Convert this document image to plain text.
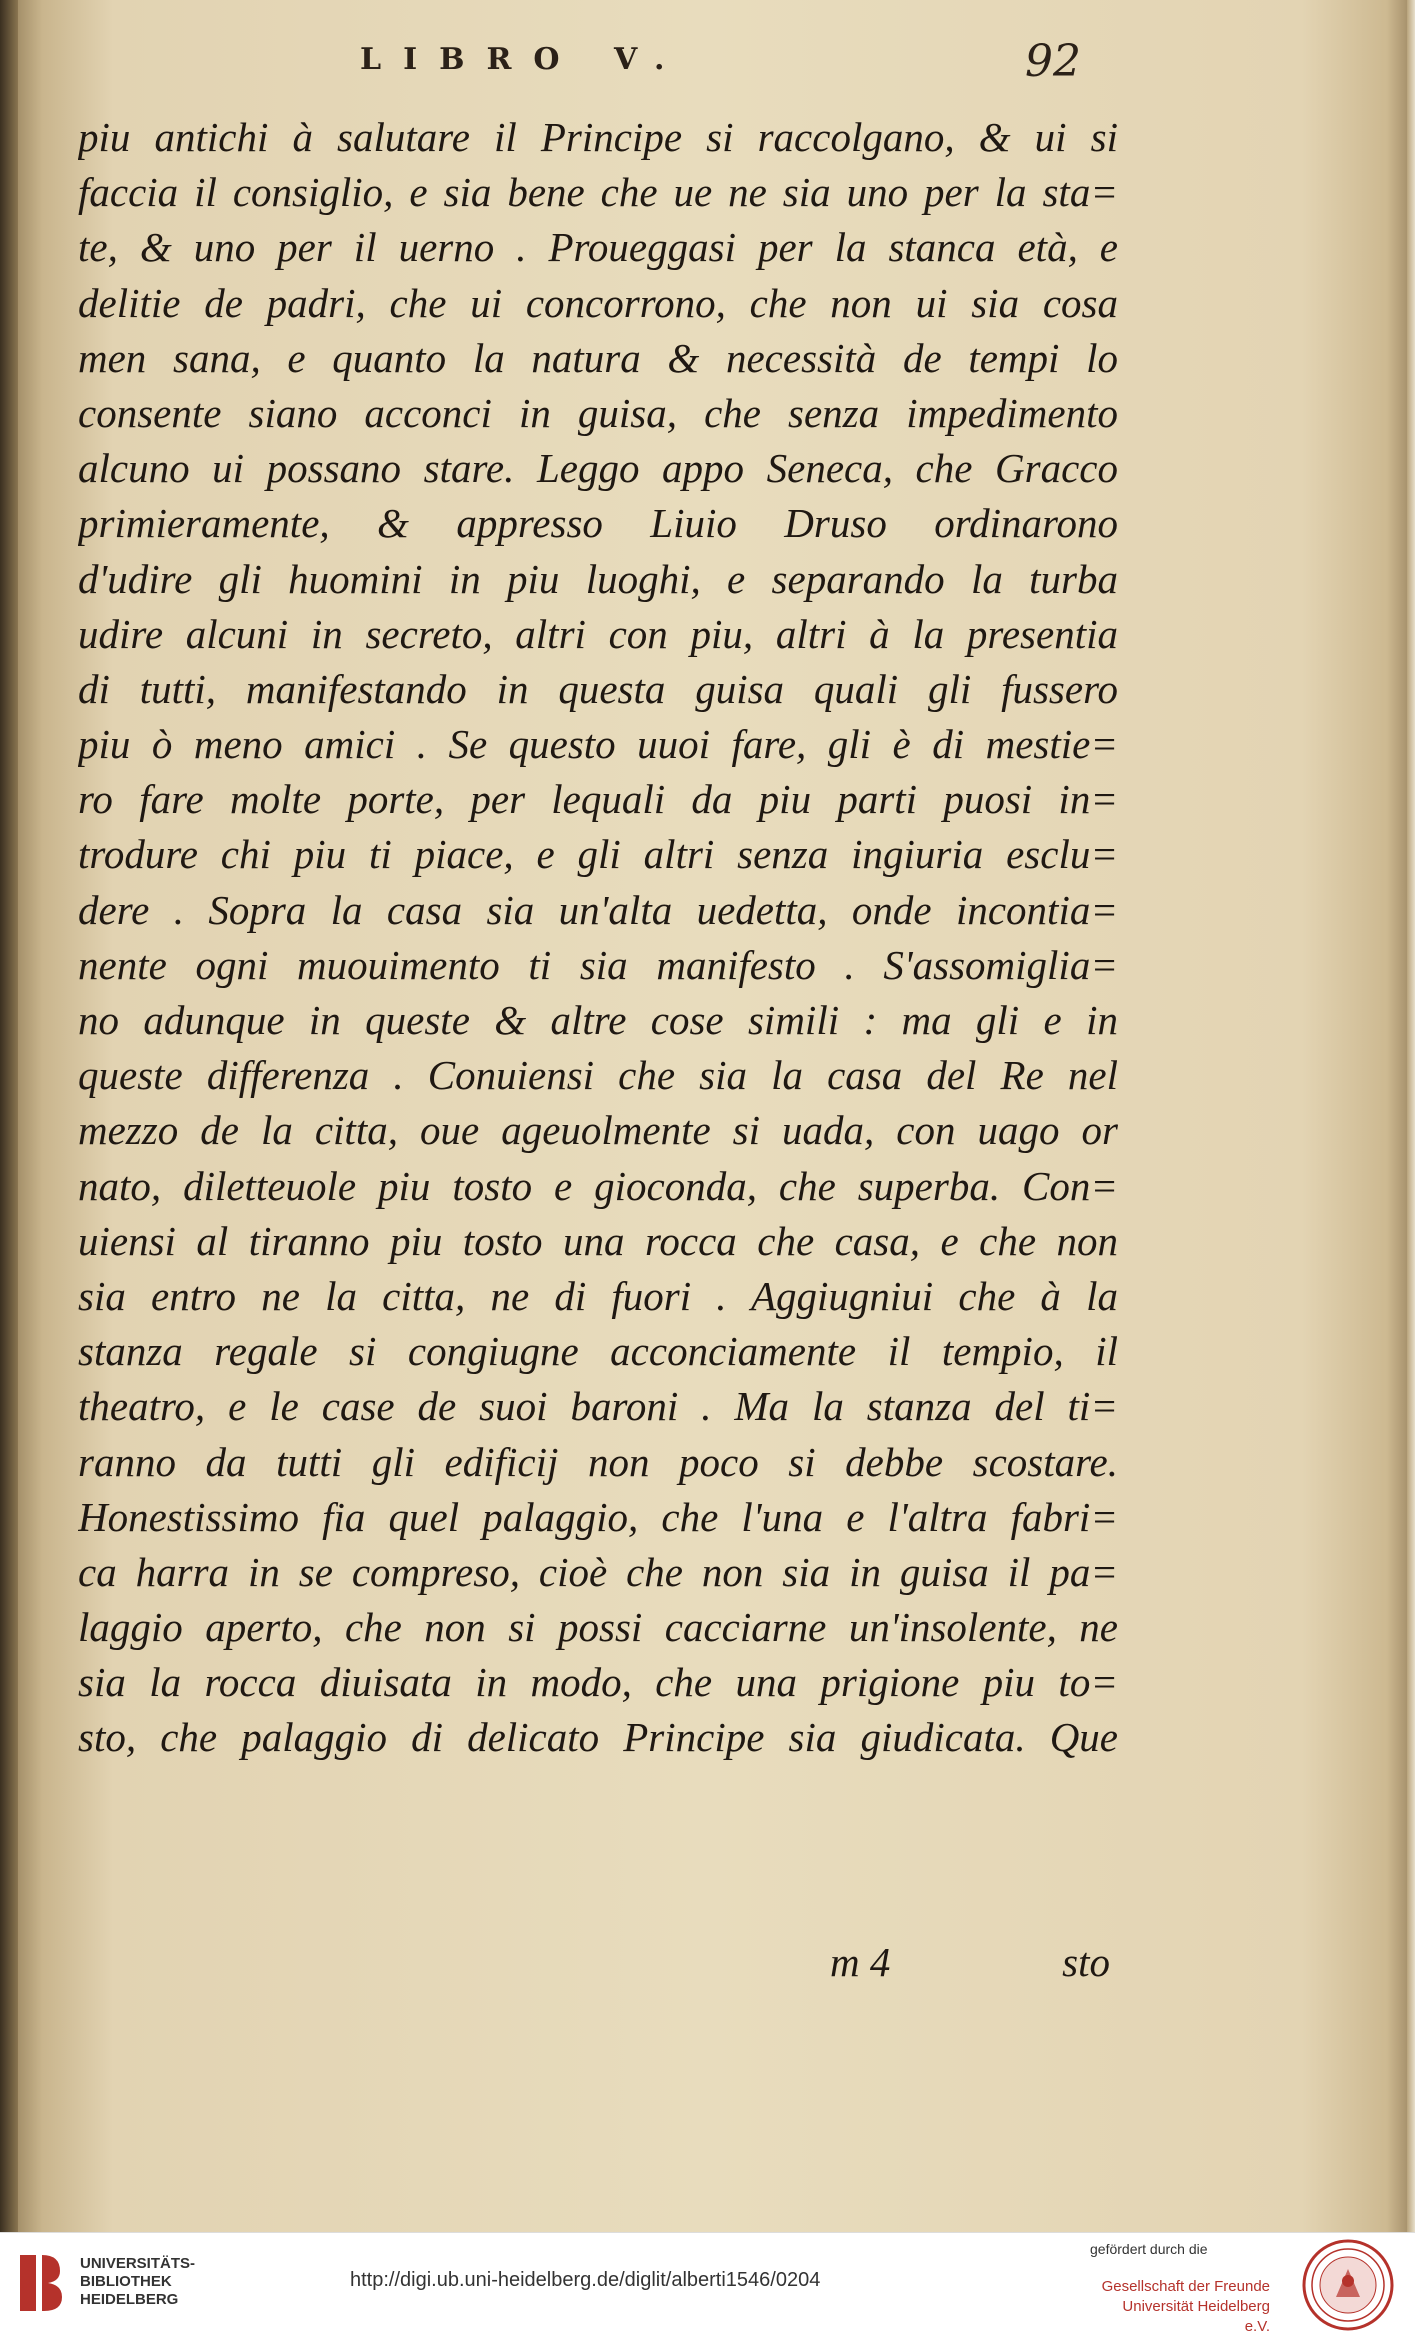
LIBRO V.	92
piu antichi à salutare il Principe si raccolgano, & ui si
faccia il consiglio, e sia bene che ue ne sia uno per la sta=
te, & uno per il uerno . Proueggasi per la stanca età, e
delitie de padri, che ui concorrono, che non ui sia cosa
men sana, e quanto la natura & necessità de tempi lo
consente siano acconci in guisa, che senza impedimento
alcuno ui possano stare. Leggo appo Seneca, che Gracco
primieramente, & appresso Liuio Druso ordinarono
d'udire gli huomini in piu luoghi, e separando la turba
udire alcuni in secreto, altri con piu, altri à la presentia
di tutti, manifestando in questa guisa quali gli fussero
piu ò meno amici . Se questo uuoi fare, gli è di mestie=
ro fare molte porte, per lequali da piu parti puosi in=
trodure chi piu ti piace, e gli altri senza ingiuria esclu=
dere . Sopra la casa sia un'alta uedetta, onde incontia=
nente ogni muouimento ti sia manifesto . S'assomiglia=
no adunque in queste & altre cose simili : ma gli e in
queste differenza . Conuiensi che sia la casa del Re nel
mezzo de la citta, oue ageuolmente si uada, con uago or
nato, diletteuole piu tosto e gioconda, che superba. Con=
uiensi al tiranno piu tosto una rocca che casa, e che non
sia entro ne la citta, ne di fuori . Aggiugniui che à la
stanza regale si congiugne acconciamente il tempio, il
theatro, e le case de suoi baroni . Ma la stanza del ti=
ranno da tutti gli edificij non poco si debbe scostare.
Honestissimo fia quel palaggio, che l'una e l'altra fabri=
ca harra in se compreso, cioè che non sia in guisa il pa=
laggio aperto, che non si possi cacciarne un'insolente, ne
sia la rocca diuisata in modo, che una prigione piu to=
sto, che palaggio di delicato Principe sia giudicata. Que
m 4	sto
UNIVERSITÄTS-
BIBLIOTHEK
HEIDELBERG
http://digi.ub.uni-heidelberg.de/diglit/alberti1546/0204
gefördert durch die
Gesellschaft der Freunde
Universität Heidelberg e.V.
